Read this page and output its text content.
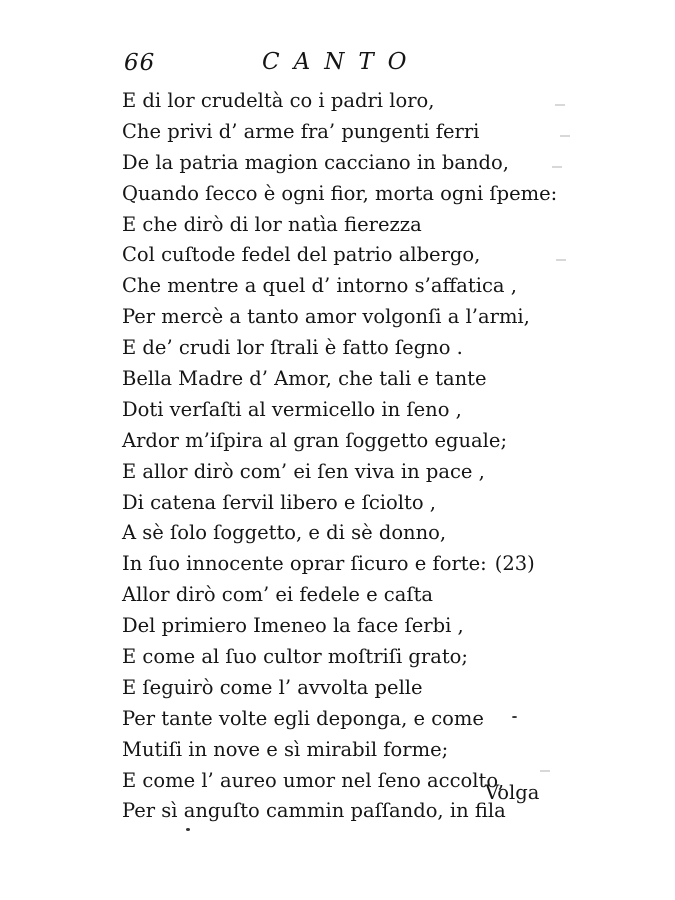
66	CANTO
E di lor crudeltà co i padri loro,
Che privi d’ arme fra’ pungenti ferri
De la patria magion cacciano in bando,
Quando ſecco è ogni fior, morta ogni ſpeme:
E che dirò di lor natìa fierezza
Col cuſtode fedel del patrio albergo,
Che mentre a quel d’ intorno s’affatica ,
Per mercè a tanto amor volgonſi a l’armi,
E de’ crudi lor ſtrali è fatto ſegno .
Bella Madre d’ Amor, che tali e tante
Doti verſaſti al vermicello in ſeno ,
Ardor m’iſpira al gran ſoggetto eguale;
E allor dirò com’ ei ſen viva in pace ,
Di catena ſervil libero e ſciolto ,
A sè ſolo ſoggetto, e di sè donno,
In ſuo innocente oprar ſicuro e forte: (23)
Allor dirò com’ ei fedele e caſta
Del primiero Imeneo la face ſerbi ,
E come al ſuo cultor moſtriſi grato;
E ſeguirò come l’ avvolta pelle
Per tante volte egli deponga, e come
Mutiſi in nove e sì mirabil forme;
E come l’ aureo umor nel ſeno accolto,
Per sì anguſto cammin paſſando, in fila
Volga
